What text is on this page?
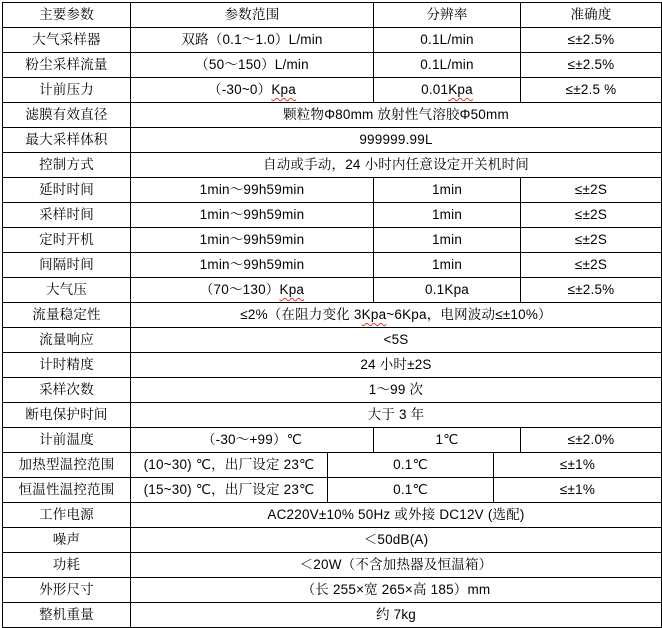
主要参数	参数范围	分辨率	准确度
大气采样器	双路（0.1～1.0）L/min	0.1L/min	≤±2.5%
粉尘采样流量	（50～150）L/min	0.1L/min	≤±2.5%
计前压力	（-30~0） Kpa	0.01 Kpa	≤±2.5 %
滤膜有效直径	颗粒物Φ80mm 放射性气溶胶Φ50mm
最大采样体积	999999.99L
控制方式	自动或手动，24 小时内任意设定开关机时间
延时时间	1min～99h59min	1min	≤±2S
采样时间	1min～99h59min	1min	≤±2S
定时开机	1min～99h59min	1min	≤±2S
间隔时间	1min～99h59min	1min	≤±2S
大气压	（70～130） Kpa	0.1Kpa	≤±2.5%
流量稳定性	≤2%（在阻力变化 3 Kpa ~6Kpa，电网波动≤±10%）
流量响应	<5S
计时精度	24 小时±2S
采样次数	1～99 次
断电保护时间	大于 3 年
计前温度	（-30～+99）℃	1℃	≤±2.0%
加热型温控范围	(10~30) ℃，出厂设定 23℃	0.1℃	≤±1%
恒温性温控范围	(15~30) ℃，出厂设定 23℃	0.1℃	≤±1%
工作电源	AC220V±10% 50Hz 或外接 DC12V (选配)
噪声	＜50dB(A)
功耗	＜20W（不含加热器及恒温箱）
外形尺寸	（长 255×宽 265×高 185）mm
整机重量	约 7kg
